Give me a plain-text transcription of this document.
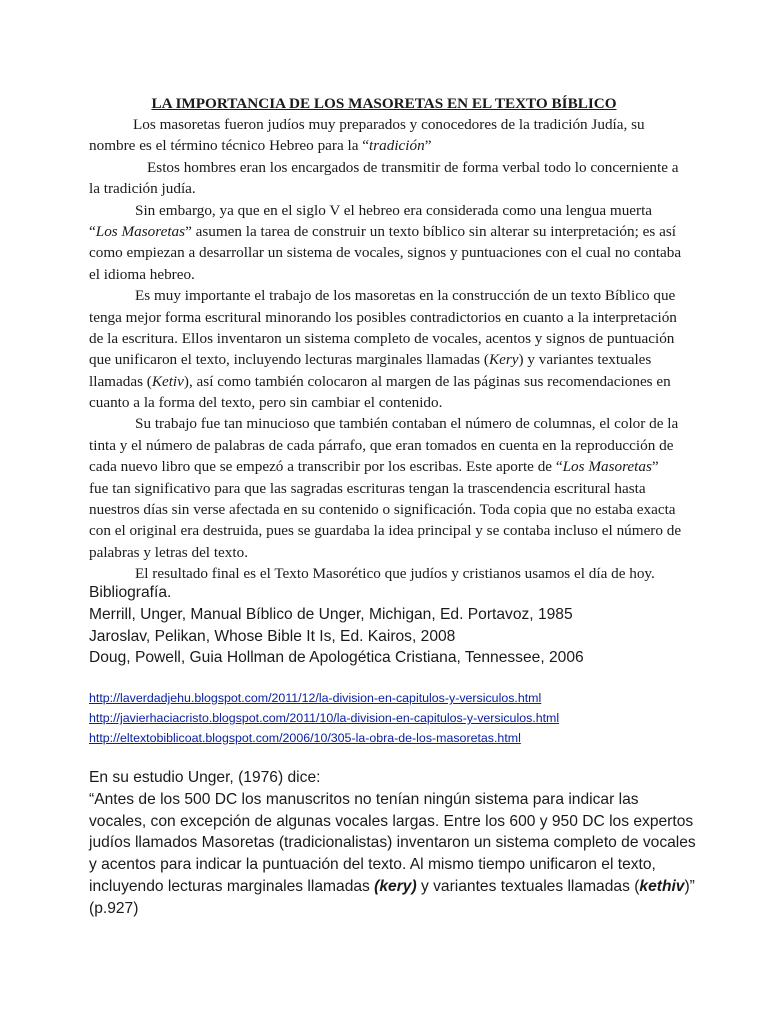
LA IMPORTANCIA DE LOS MASORETAS EN EL TEXTO BÍBLICO
Los masoretas fueron judíos muy preparados y conocedores de la tradición Judía, su
nombre es el término técnico Hebreo para la “tradición”
Estos hombres eran los encargados de transmitir de forma verbal todo lo concerniente a
la tradición judía.
Sin embargo, ya que en el siglo V el hebreo era considerada como una lengua muerta
“Los Masoretas” asumen la tarea de construir un texto bíblico sin alterar su interpretación; es así
como empiezan a desarrollar un sistema de vocales, signos y puntuaciones con el cual no contaba
el idioma hebreo.
Es muy importante el trabajo de los masoretas en la construcción de un texto Bíblico que
tenga mejor forma escritural minorando los posibles contradictorios en cuanto a la interpretación
de la escritura. Ellos inventaron un sistema completo de vocales, acentos y signos de puntuación
que unificaron el texto, incluyendo lecturas marginales llamadas (Kery) y variantes textuales
llamadas (Ketiv), así como también colocaron al margen de las páginas sus recomendaciones en
cuanto a la forma del texto, pero sin cambiar el contenido.
Su trabajo fue tan minucioso que también contaban el número de columnas, el color de la
tinta y el número de palabras de cada párrafo, que eran tomados en cuenta en la reproducción de
cada nuevo libro que se empezó a transcribir por los escribas. Este aporte de “Los Masoretas”
fue tan significativo para que las sagradas escrituras tengan la trascendencia escritural hasta
nuestros días sin verse afectada en su contenido o significación. Toda copia que no estaba exacta
con el original era destruida, pues se guardaba la idea principal y se contaba incluso el número de
palabras y letras del texto.
El resultado final es el Texto Masorético que judíos y cristianos usamos el día de hoy.
Bibliografía.
Merrill, Unger, Manual Bíblico de Unger, Michigan, Ed. Portavoz, 1985
Jaroslav, Pelikan, Whose Bible It Is, Ed. Kairos, 2008
Doug, Powell, Guia Hollman de Apologética Cristiana, Tennessee, 2006
http://laverdadjehu.blogspot.com/2011/12/la-division-en-capitulos-y-versiculos.html
http://javierhaciacristo.blogspot.com/2011/10/la-division-en-capitulos-y-versiculos.html
http://eltextobiblicoat.blogspot.com/2006/10/305-la-obra-de-los-masoretas.html
En su estudio Unger, (1976) dice:
“Antes de los 500 DC los manuscritos no tenían ningún sistema para indicar las
vocales, con excepción de algunas vocales largas. Entre los 600 y 950 DC los expertos
judíos llamados Masoretas (tradicionalistas) inventaron un sistema completo de vocales
y acentos para indicar la puntuación del texto. Al mismo tiempo unificaron el texto,
incluyendo lecturas marginales llamadas (kery) y variantes textuales llamadas (kethiv)”
(p.927)
